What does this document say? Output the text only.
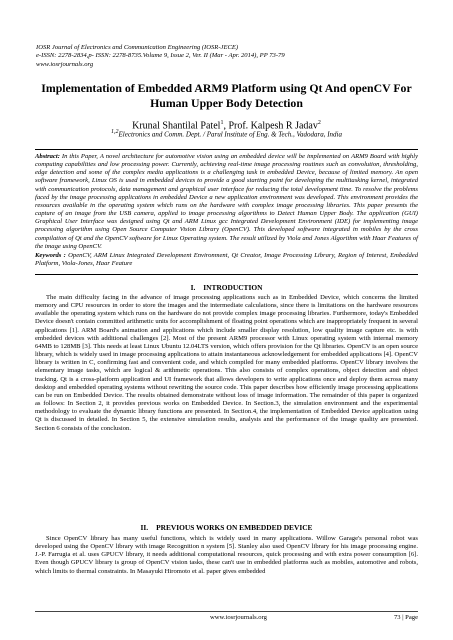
IOSR Journal of Electronics and Communication Engineering (IOSR-JECE)
e-ISSN: 2278-2834,p- ISSN: 2278-8735.Volume 9, Issue 2, Ver. II (Mar - Apr. 2014), PP 73-79
www.iosrjournals.org
Implementation of Embedded ARM9 Platform using Qt And openCV For Human Upper Body Detection
Krunal Shantilal Patel$^1$, Prof. Kalpesh R Jadav$^2$
$^{1,2}$Electronics and Comm. Dept. / Parul Institute of Eng. & Tech., Vadodara, India
Abstract: In this Paper, A novel architecture for automotive vision using an embedded device will be implemented on ARM9 Board with highly computing capabilities and low processing power. Currently, achieving real-time image processing routines such as convolution, thresholding, edge detection and some of the complex media applications is a challenging task in embedded Device, because of limited memory. An open software framework, Linux OS is used in embedded devices to provide a good starting point for developing the multitasking kernel, integrated with communication protocols, data management and graphical user interface for reducing the total development time. To resolve the problems faced by the image processing applications in embedded Device a new application environment was developed. This environment provides the resources available in the operating system which runs on the hardware with complex image processing libraries. This paper presents the capture of an image from the USB camera, applied to image processing algorithms to Detect Human Upper Body. The application (GUI) Graphical User Interface was designed using Qt and ARM Linux gcc Integrated Development Environment (IDE) for implementing image processing algorithm using Open Source Computer Vision Library (OpenCV). This developed software integrated in mobiles by the cross compilation of Qt and the OpenCV software for Linux Operating system. The result utilized by Viola and Jones Algorithm with Haar Features of the image using OpenCV.
Keywords : OpenCV, ARM Linux Integrated Development Environment, Qt Creator, Image Processing Library, Region of Interest, Embedded Platform, Viola-Jones, Haar Feature
I. INTRODUCTION
The main difficulty facing in the advance of image processing applications such as in Embedded Device, which concerns the limited memory and CPU resources in order to store the images and the intermediate calculations, since there is limitations on the hardware resources available the operating system which runs on the hardware do not provide complex image processing libraries. Furthermore, today's Embedded Device doesn't contain committed arithmetic units for accomplishment of floating point operations which are inappropriately frequent in several applications [1]. ARM Board's animation and applications which include smaller display resolution, low quality image capture etc. is with embedded devices with additional challenges [2]. Most of the present ARM9 processor with Linux operating system with internal memory 64MB to 128MB [3]. This needs at least Linux Ubuntu 12.04LTS version, which offers provision for the Qt libraries. OpenCV is an open source library, which is widely used in image processing applications to attain instantaneous acknowledgement for embedded applications [4]. OpenCV library is written in C, confirming fast and convenient code, and which compiled for many embedded platforms. OpenCV library involves the elementary image tasks, which are logical & arithmetic operations. This also consists of complex operations, object detection and object tracking. Qt is a cross-platform application and UI framework that allows developers to write applications once and deploy them across many desktop and embedded operating systems without rewriting the source code. This paper describes how efficiently image processing applications can be run on Embedded Device. The results obtained demonstrate without loss of image information. The remainder of this paper is organized as follows: In Section 2, it provides previous works on Embedded Device. In Section.3, the simulation environment and the experimental methodology to evaluate the dynamic library functions are presented. In Section.4, the implementation of Embedded Device application using Qt is discussed in detailed. In Section 5, the extensive simulation results, analysis and the performance of the image quality are presented. Section 6 consists of the conclusion.
II. PREVIOUS WORKS ON EMBEDDED DEVICE
Since OpenCV library has many useful functions, which is widely used in many applications. Willow Garage's personal robot was developed using the OpenCV library with image Recognition n system [5]. Stanley also used OpenCV library for his image processing engine. J.-P. Farrugia et al. uses GPUCV library, it needs additional computational resources, quick processing and with extra power consumption [6]. Even though GPUCV library is group of OpenCV vision tasks, these can't use in embedded platforms such as mobiles, automotive and robots, which limits to thermal constraints. In Masayuki Hiromoto et al. paper gives embedded
www.iosrjournals.org	73 | Page
